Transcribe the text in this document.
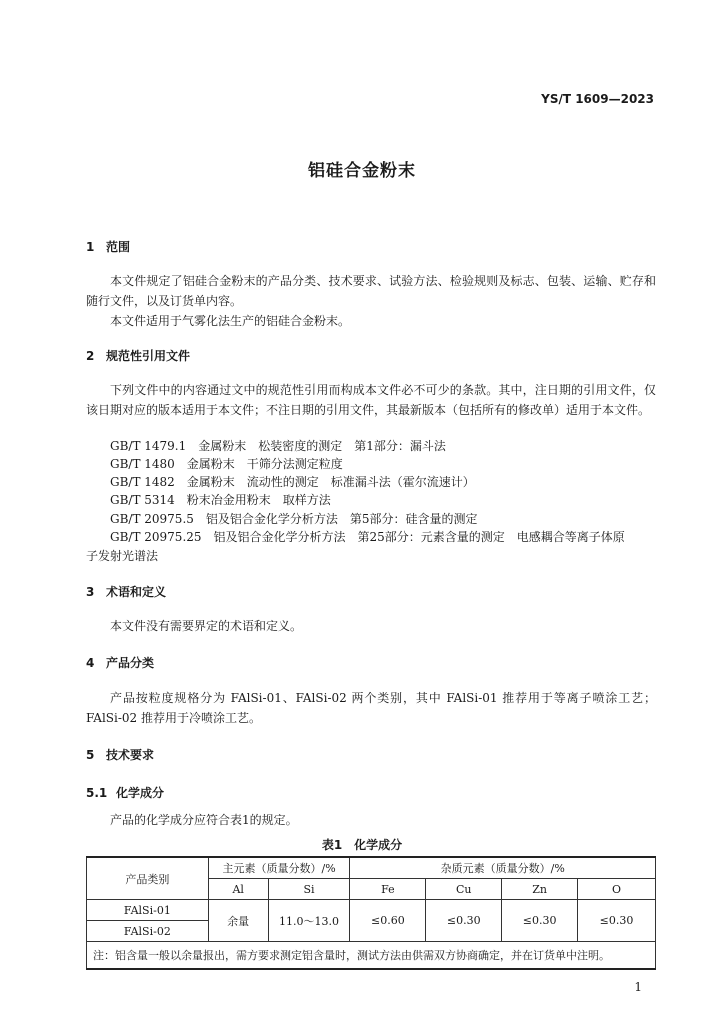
YS/T 1609—2023
铝硅合金粉末
1 范围
本文件规定了铝硅合金粉末的产品分类、技术要求、试验方法、检验规则及标志、包装、运输、贮存和随行文件，以及订货单内容。
本文件适用于气雾化法生产的铝硅合金粉末。
2 规范性引用文件
下列文件中的内容通过文中的规范性引用而构成本文件必不可少的条款。其中，注日期的引用文件，仅该日期对应的版本适用于本文件；不注日期的引用文件，其最新版本（包括所有的修改单）适用于本文件。
GB/T 1479.1　金属粉末　松装密度的测定　第1部分：漏斗法
GB/T 1480　金属粉末　干筛分法测定粒度
GB/T 1482　金属粉末　流动性的测定　标准漏斗法（霍尔流速计）
GB/T 5314　粉末冶金用粉末　取样方法
GB/T 20975.5　铝及铝合金化学分析方法　第5部分：硅含量的测定
GB/T 20975.25　铝及铝合金化学分析方法　第25部分：元素含量的测定　电感耦合等离子体原
子发射光谱法
3 术语和定义
本文件没有需要界定的术语和定义。
4 产品分类
产品按粒度规格分为 FAlSi-01、FAlSi-02 两个类别，其中 FAlSi-01 推荐用于等离子喷涂工艺；FAlSi-02 推荐用于冷喷涂工艺。
5 技术要求
5.1 化学成分
产品的化学成分应符合表1的规定。
表1　化学成分
产品类别	主元素（质量分数）/%		杂质元素（质量分数）/%			
	Al	Si	Fe	Cu	Zn	O
FAlSi-01	余量	11.0～13.0	≤0.60	≤0.30	≤0.30	≤0.30
FAlSi-02						
注：铝含量一般以余量报出，需方要求测定铝含量时，测试方法由供需双方协商确定，并在订货单中注明。						
1
